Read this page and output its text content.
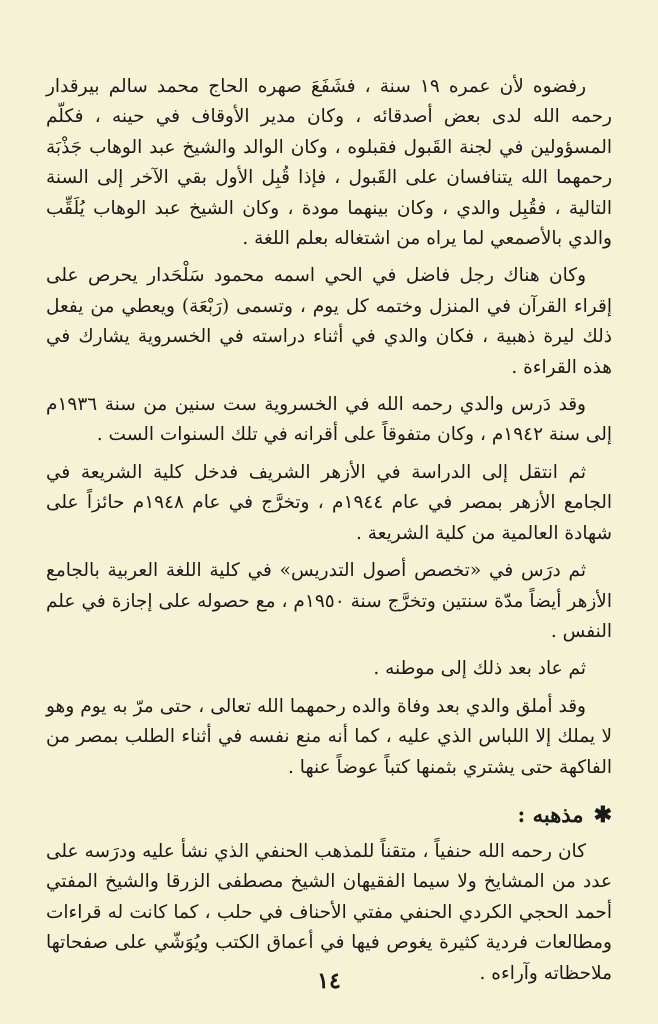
رفضوه لأن عمره ١٩ سنة ، فشَفَعَ صهره الحاج محمد سالم بيرقدار رحمه الله لدى بعض أصدقائه ، وكان مدير الأوقاف في حينه ، فكلّم المسؤولين في لجنة القَبول فقبلوه ، وكان الوالد والشيخ عبد الوهاب جَذْبَة رحمهما الله يتنافسان على القَبول ، فإذا قُبِل الأول بقي الآخر إلى السنة التالية ، فقُبِل والدي ، وكان بينهما مودة ، وكان الشيخ عبد الوهاب يُلَقِّب والدي بالأصمعي لما يراه من اشتغاله بعلم اللغة .

وكان هناك رجل فاضل في الحي اسمه محمود سَلْحَدار يحرص على إقراء القرآن في المنزل وختمه كل يوم ، وتسمى (رَبْعَة) ويعطي من يفعل ذلك ليرة ذهبية ، فكان والدي في أثناء دراسته في الخسروية يشارك في هذه القراءة .

وقد دَرس والدي رحمه الله في الخسروية ست سنين من سنة ١٩٣٦م إلى سنة ١٩٤٢م ، وكان متفوقاً على أقرانه في تلك السنوات الست .

ثم انتقل إلى الدراسة في الأزهر الشريف فدخل كلية الشريعة في الجامع الأزهر بمصر في عام ١٩٤٤م ، وتخرَّج في عام ١٩٤٨م حائزاً على شهادة العالمية من كلية الشريعة .

ثم درَس في «تخصص أصول التدريس» في كلية اللغة العربية بالجامع الأزهر أيضاً مدّة سنتين وتخرَّج سنة ١٩٥٠م ، مع حصوله على إجازة في علم النفس .

ثم عاد بعد ذلك إلى موطنه .

وقد أملق والدي بعد وفاة والده رحمهما الله تعالى ، حتى مرّ به يوم وهو لا يملك إلا اللباس الذي عليه ، كما أنه منع نفسه في أثناء الطلب بمصر من الفاكهة حتى يشتري بثمنها كتباً عوضاً عنها .

✱
مذهبه :

كان رحمه الله حنفياً ، متقناً للمذهب الحنفي الذي نشأ عليه ودرَسه على عدد من المشايخ ولا سيما الفقيهان الشيخ مصطفى الزرقا والشيخ المفتي أحمد الحجي الكردي الحنفي مفتي الأحناف في حلب ، كما كانت له قراءات ومطالعات فردية كثيرة يغوص فيها في أعماق الكتب ويُوَشّي على صفحاتها ملاحظاته وآراءه .

١٤
